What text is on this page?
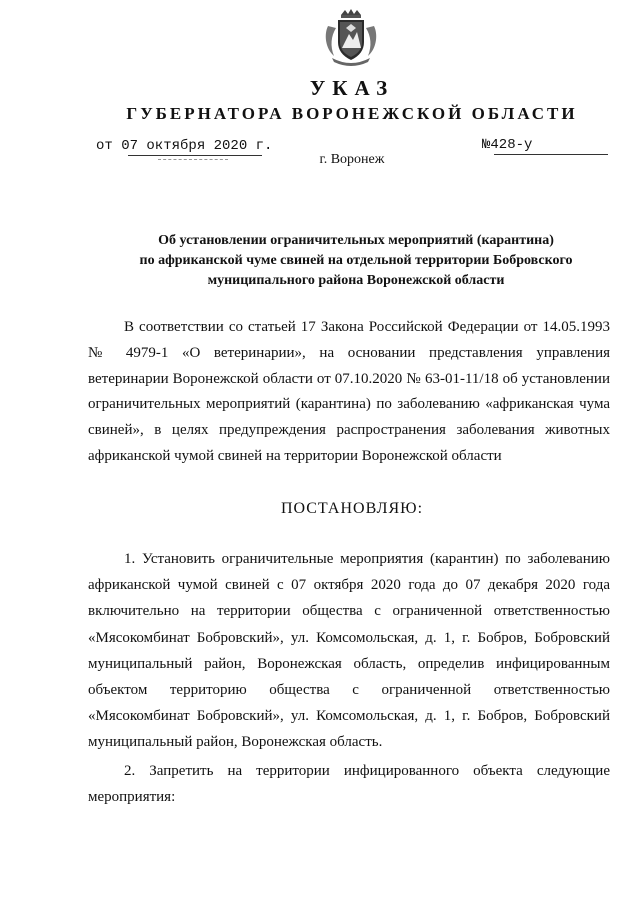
УКАЗ
ГУБЕРНАТОРА ВОРОНЕЖСКОЙ ОБЛАСТИ
от 07 октября 2020 г.	№428-у
г. Воронеж
Об установлении ограничительных мероприятий (карантина)
по африканской чуме свиней на отдельной территории Бобровского
муниципального района Воронежской области

В соответствии со статьей 17 Закона Российской Федерации от 14.05.1993 № 4979-1 «О ветеринарии», на основании представления управления ветеринарии Воронежской области от 07.10.2020 № 63-01-11/18 об установлении ограничительных мероприятий (карантина) по заболеванию «африканская чума свиней», в целях предупреждения распространения заболевания животных африканской чумой свиней на территории Воронежской области

ПОСТАНОВЛЯЮ:

1. Установить ограничительные мероприятия (карантин) по заболеванию африканской чумой свиней с 07 октября 2020 года до 07 декабря 2020 года включительно на территории общества с ограниченной ответственностью «Мясокомбинат Бобровский», ул. Комсомольская, д. 1, г. Бобров, Бобровский муниципальный район, Воронежская область, определив инфицированным объектом территорию общества с ограниченной ответственностью «Мясокомбинат Бобровский», ул. Комсомольская, д. 1, г. Бобров, Бобровский муниципальный район, Воронежская область.

2. Запретить на территории инфицированного объекта следующие мероприятия:
